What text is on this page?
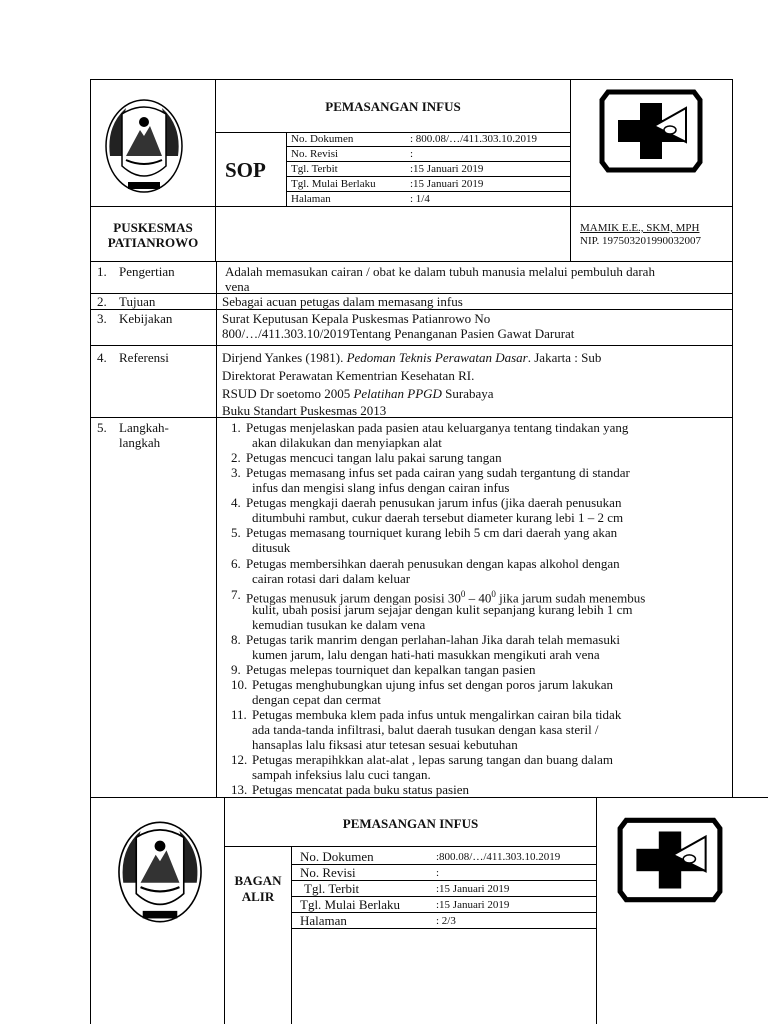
PEMASANGAN INFUS
SOP
No. Dokumen	: 800.08/…/411.303.10.2019
No. Revisi	:
Tgl. Terbit	:15 Januari 2019
Tgl. Mulai Berlaku	:15 Januari 2019
Halaman	: 1/4
PUSKESMAS
PATIANROWO
MAMIK E.E., SKM, MPH
NIP. 197503201990032007
1. Pengertian	Adalah memasukan cairan / obat ke dalam tubuh manusia melalui pembuluh darah
vena
2. Tujuan	Sebagai acuan petugas dalam memasang infus
3. Kebijakan	Surat Keputusan Kepala Puskesmas Patianrowo No
800/…/411.303.10/2019Tentang Penanganan Pasien Gawat Darurat
4. Referensi	Dirjend Yankes (1981). Pedoman Teknis Perawatan Dasar. Jakarta : Sub
Direktorat Perawatan Kementrian Kesehatan RI.
RSUD Dr soetomo 2005 Pelatihan PPGD Surabaya
Buku Standart Puskesmas 2013
5. Langkah-
langkah
1. Petugas menjelaskan pada pasien atau keluarganya tentang tindakan yang
akan dilakukan dan menyiapkan alat
2. Petugas mencuci tangan lalu pakai sarung tangan
3. Petugas memasang infus set pada cairan yang sudah tergantung di standar
infus dan mengisi slang infus dengan cairan infus
4. Petugas mengkaji daerah penusukan jarum infus (jika daerah penusukan
ditumbuhi rambut, cukur daerah tersebut diameter kurang lebi 1 – 2 cm
5. Petugas memasang tourniquet kurang lebih 5 cm dari daerah yang akan
ditusuk
6. Petugas membersihkan daerah penusukan dengan kapas alkohol dengan
cairan rotasi dari dalam keluar
7. Petugas menusuk jarum dengan posisi $30^0 - 40^0$ jika jarum sudah menembus
kulit, ubah posisi jarum sejajar dengan kulit sepanjang kurang lebih 1 cm
kemudian tusukan ke dalam vena
8. Petugas tarik manrim dengan perlahan-lahan Jika darah telah memasuki
kumen jarum, lalu dengan hati-hati masukkan mengikuti arah vena
9. Petugas melepas tourniquet dan kepalkan tangan pasien
10. Petugas menghubungkan ujung infus set dengan poros jarum lakukan
dengan cepat dan cermat
11. Petugas membuka klem pada infus untuk mengalirkan cairan bila tidak
ada tanda-tanda infiltrasi, balut daerah tusukan dengan kasa steril /
hansaplas lalu fiksasi atur tetesan sesuai kebutuhan
12. Petugas merapihkkan alat-alat , lepas sarung tangan dan buang dalam
sampah infeksius lalu cuci tangan.
13. Petugas mencatat pada buku status pasien
PEMASANGAN INFUS
BAGAN
ALIR
No. Dokumen	:800.08/…/411.303.10.2019
No. Revisi	:
Tgl. Terbit	:15 Januari 2019
Tgl. Mulai Berlaku	:15 Januari 2019
Halaman	: 2/3
